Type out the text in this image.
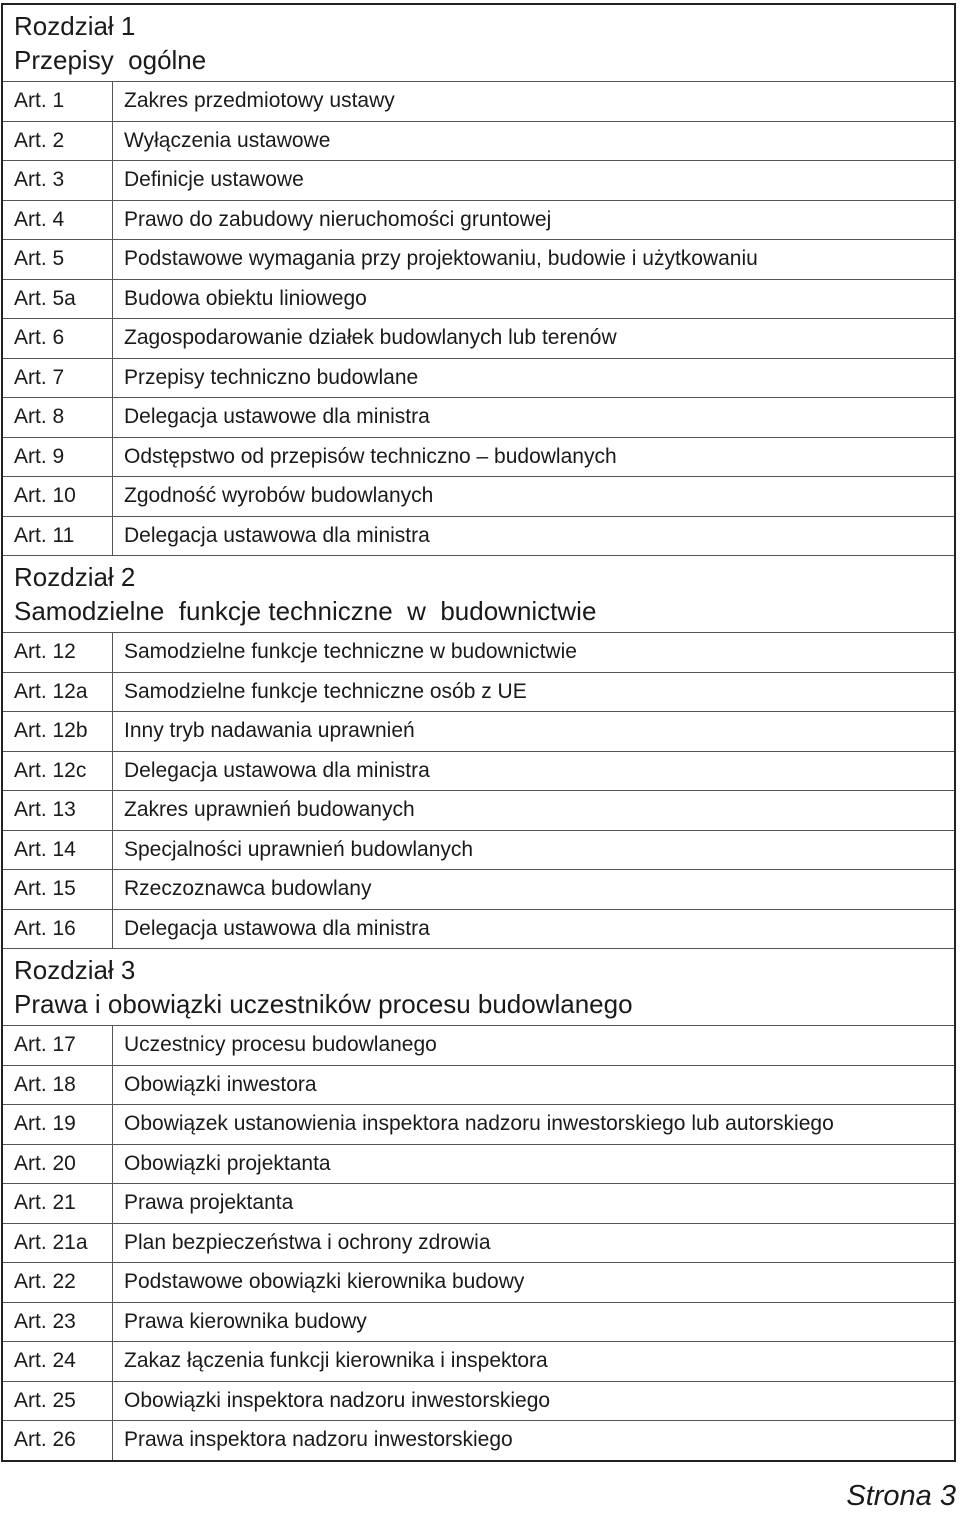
Rozdział 1
Przepisy  ogólne	

Art. 1	Zakres przedmiotowy ustawy
Art. 2	Wyłączenia ustawowe
Art. 3	Definicje ustawowe
Art. 4	Prawo do zabudowy nieruchomości gruntowej
Art. 5	Podstawowe wymagania przy projektowaniu, budowie i użytkowaniu
Art. 5a	Budowa obiektu liniowego
Art. 6	Zagospodarowanie działek budowlanych lub terenów
Art. 7	Przepisy techniczno budowlane
Art. 8	Delegacja ustawowe dla ministra
Art. 9	Odstępstwo od przepisów techniczno – budowlanych
Art. 10	Zgodność wyrobów budowlanych
Art. 11	Delegacja ustawowa dla ministra

Rozdział 2
Samodzielne  funkcje techniczne  w  budownictwie	

Art. 12	Samodzielne funkcje techniczne w budownictwie
Art. 12a	Samodzielne funkcje techniczne osób z UE
Art. 12b	Inny tryb nadawania uprawnień
Art. 12c	Delegacja ustawowa dla ministra
Art. 13	Zakres uprawnień budowanych
Art. 14	Specjalności uprawnień budowlanych
Art. 15	Rzeczoznawca budowlany
Art. 16	Delegacja ustawowa dla ministra

Rozdział 3
Prawa i obowiązki uczestników procesu budowlanego	

Art. 17	Uczestnicy procesu budowlanego
Art. 18	Obowiązki inwestora
Art. 19	Obowiązek ustanowienia inspektora nadzoru inwestorskiego lub autorskiego
Art. 20	Obowiązki projektanta
Art. 21	Prawa projektanta
Art. 21a	Plan bezpieczeństwa i ochrony zdrowia
Art. 22	Podstawowe obowiązki kierownika budowy
Art. 23	Prawa kierownika budowy
Art. 24	Zakaz łączenia funkcji kierownika i inspektora
Art. 25	Obowiązki inspektora nadzoru inwestorskiego
Art. 26	Prawa inspektora nadzoru inwestorskiego
Strona 3
